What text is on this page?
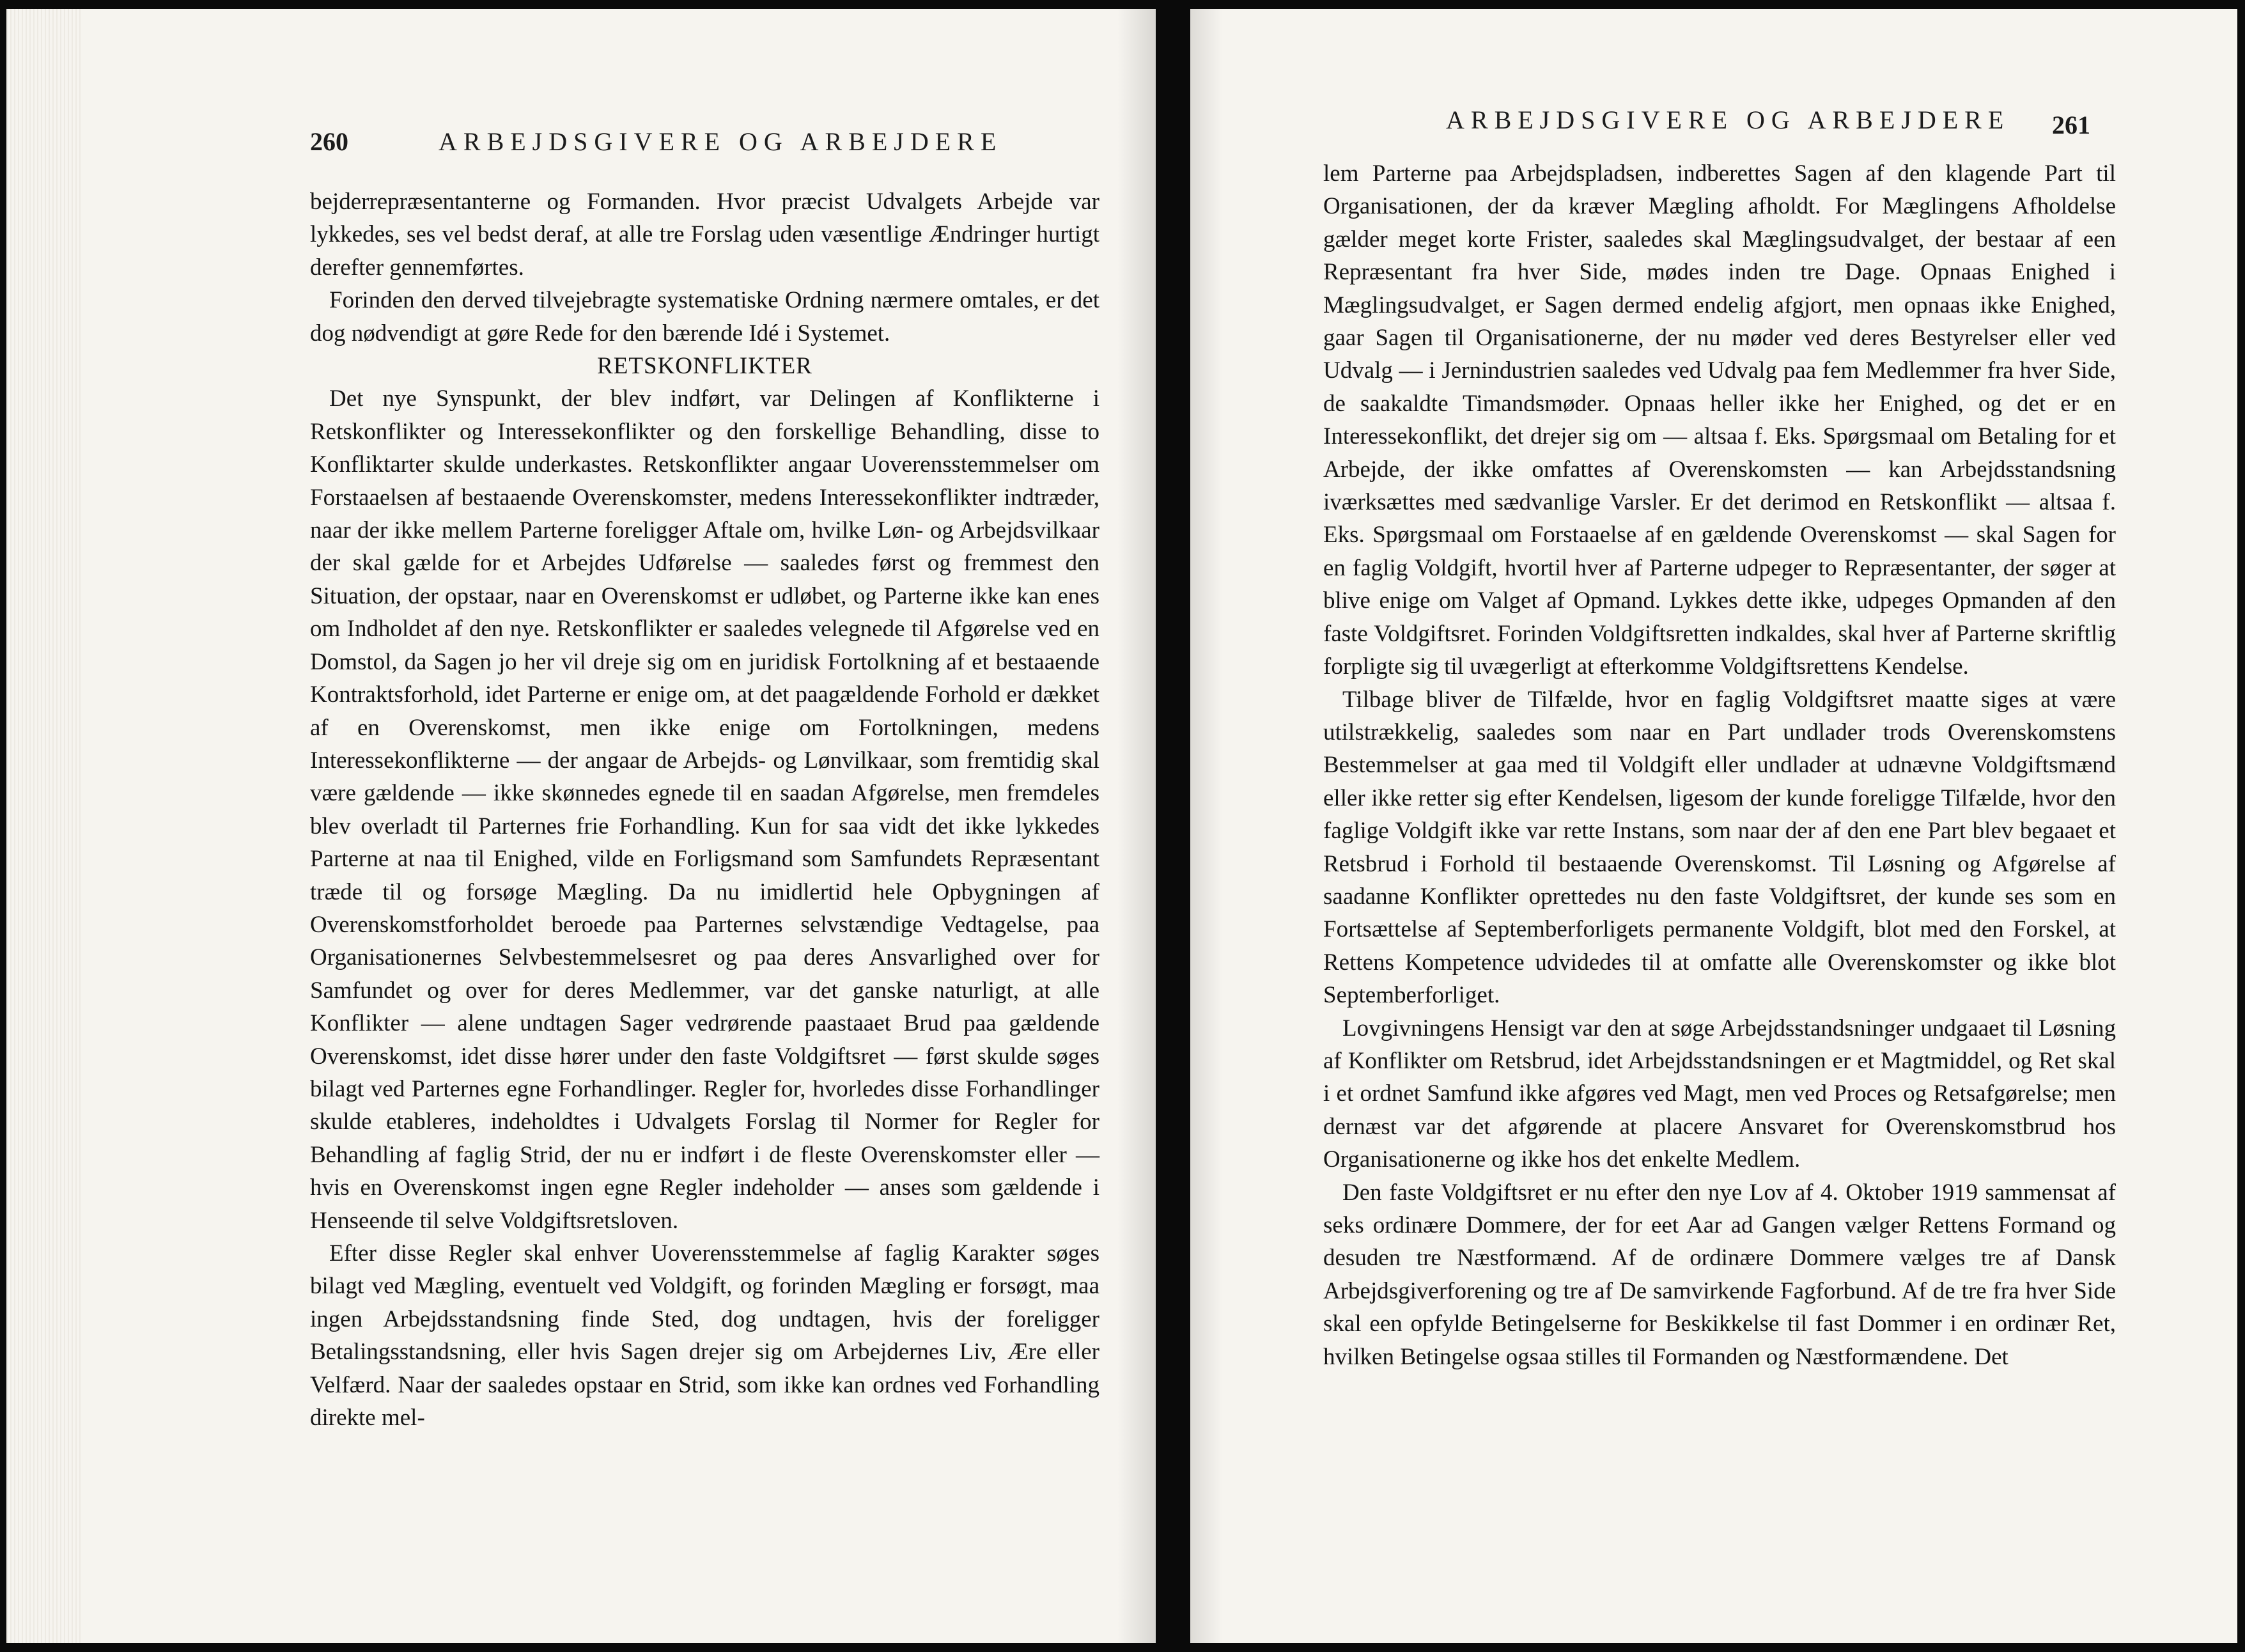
260	ARBEJDSGIVERE OG ARBEJDERE

bejderrepræsentanterne og Formanden. Hvor præcist Udvalgets Arbejde var lykkedes, ses vel bedst deraf, at alle tre Forslag uden væsentlige Ændringer hurtigt derefter gennemførtes.

Forinden den derved tilvejebragte systematiske Ordning nærmere omtales, er det dog nødvendigt at gøre Rede for den bærende Idé i Systemet.

RETSKONFLIKTER

Det nye Synspunkt, der blev indført, var Delingen af Konflikterne i Retskonflikter og Interessekonflikter og den forskellige Behandling, disse to Konfliktarter skulde underkastes. Retskonflikter angaar Uoverensstemmelser om Forstaaelsen af bestaaende Overenskomster, medens Interessekonflikter indtræder, naar der ikke mellem Parterne foreligger Aftale om, hvilke Løn- og Arbejdsvilkaar der skal gælde for et Arbejdes Udførelse — saaledes først og fremmest den Situation, der opstaar, naar en Overenskomst er udløbet, og Parterne ikke kan enes om Indholdet af den nye. Retskonflikter er saaledes velegnede til Afgørelse ved en Domstol, da Sagen jo her vil dreje sig om en juridisk Fortolkning af et bestaaende Kontraktsforhold, idet Parterne er enige om, at det paagældende Forhold er dækket af en Overenskomst, men ikke enige om Fortolkningen, medens Interessekonflikterne — der angaar de Arbejds- og Lønvilkaar, som fremtidig skal være gældende — ikke skønnedes egnede til en saadan Afgørelse, men fremdeles blev overladt til Parternes frie Forhandling. Kun for saa vidt det ikke lykkedes Parterne at naa til Enighed, vilde en Forligsmand som Samfundets Repræsentant træde til og forsøge Mægling. Da nu imidlertid hele Opbygningen af Overenskomstforholdet beroede paa Parternes selvstændige Vedtagelse, paa Organisationernes Selvbestemmelsesret og paa deres Ansvarlighed over for Samfundet og over for deres Medlemmer, var det ganske naturligt, at alle Konflikter — alene undtagen Sager vedrørende paastaaet Brud paa gældende Overenskomst, idet disse hører under den faste Voldgiftsret — først skulde søges bilagt ved Parternes egne Forhandlinger. Regler for, hvorledes disse Forhandlinger skulde etableres, indeholdtes i Udvalgets Forslag til Normer for Regler for Behandling af faglig Strid, der nu er indført i de fleste Overenskomster eller — hvis en Overenskomst ingen egne Regler indeholder — anses som gældende i Henseende til selve Voldgiftsretsloven.

Efter disse Regler skal enhver Uoverensstemmelse af faglig Karakter søges bilagt ved Mægling, eventuelt ved Voldgift, og forinden Mægling er forsøgt, maa ingen Arbejdsstandsning finde Sted, dog undtagen, hvis der foreligger Betalingsstandsning, eller hvis Sagen drejer sig om Arbejdernes Liv, Ære eller Velfærd. Naar der saaledes opstaar en Strid, som ikke kan ordnes ved Forhandling direkte mel-

ARBEJDSGIVERE OG ARBEJDERE 261

lem Parterne paa Arbejdspladsen, indberettes Sagen af den klagende Part til Organisationen, der da kræver Mægling afholdt. For Mæglingens Afholdelse gælder meget korte Frister, saaledes skal Mæglingsudvalget, der bestaar af een Repræsentant fra hver Side, mødes inden tre Dage. Opnaas Enighed i Mæglingsudvalget, er Sagen dermed endelig afgjort, men opnaas ikke Enighed, gaar Sagen til Organisationerne, der nu møder ved deres Bestyrelser eller ved Udvalg — i Jernindustrien saaledes ved Udvalg paa fem Medlemmer fra hver Side, de saakaldte Timandsmøder. Opnaas heller ikke her Enighed, og det er en Interessekonflikt, det drejer sig om — altsaa f. Eks. Spørgsmaal om Betaling for et Arbejde, der ikke omfattes af Overenskomsten — kan Arbejdsstandsning iværksættes med sædvanlige Varsler. Er det derimod en Retskonflikt — altsaa f. Eks. Spørgsmaal om Forstaaelse af en gældende Overenskomst — skal Sagen for en faglig Voldgift, hvortil hver af Parterne udpeger to Repræsentanter, der søger at blive enige om Valget af Opmand. Lykkes dette ikke, udpeges Opmanden af den faste Voldgiftsret. Forinden Voldgiftsretten indkaldes, skal hver af Parterne skriftlig forpligte sig til uvægerligt at efterkomme Voldgiftsrettens Kendelse.

Tilbage bliver de Tilfælde, hvor en faglig Voldgiftsret maatte siges at være utilstrækkelig, saaledes som naar en Part undlader trods Overenskomstens Bestemmelser at gaa med til Voldgift eller undlader at udnævne Voldgiftsmænd eller ikke retter sig efter Kendelsen, ligesom der kunde foreligge Tilfælde, hvor den faglige Voldgift ikke var rette Instans, som naar der af den ene Part blev begaaet et Retsbrud i Forhold til bestaaende Overenskomst. Til Løsning og Afgørelse af saadanne Konflikter oprettedes nu den faste Voldgiftsret, der kunde ses som en Fortsættelse af Septemberforligets permanente Voldgift, blot med den Forskel, at Rettens Kompetence udvidedes til at omfatte alle Overenskomster og ikke blot Septemberforliget.

Lovgivningens Hensigt var den at søge Arbejdsstandsninger undgaaet til Løsning af Konflikter om Retsbrud, idet Arbejdsstandsningen er et Magtmiddel, og Ret skal i et ordnet Samfund ikke afgøres ved Magt, men ved Proces og Retsafgørelse; men dernæst var det afgørende at placere Ansvaret for Overenskomstbrud hos Organisationerne og ikke hos det enkelte Medlem.

Den faste Voldgiftsret er nu efter den nye Lov af 4. Oktober 1919 sammensat af seks ordinære Dommere, der for eet Aar ad Gangen vælger Rettens Formand og desuden tre Næstformænd. Af de ordinære Dommere vælges tre af Dansk Arbejdsgiverforening og tre af De samvirkende Fagforbund. Af de tre fra hver Side skal een opfylde Betingelserne for Beskikkelse til fast Dommer i en ordinær Ret, hvilken Betingelse ogsaa stilles til Formanden og Næstformændene. Det
